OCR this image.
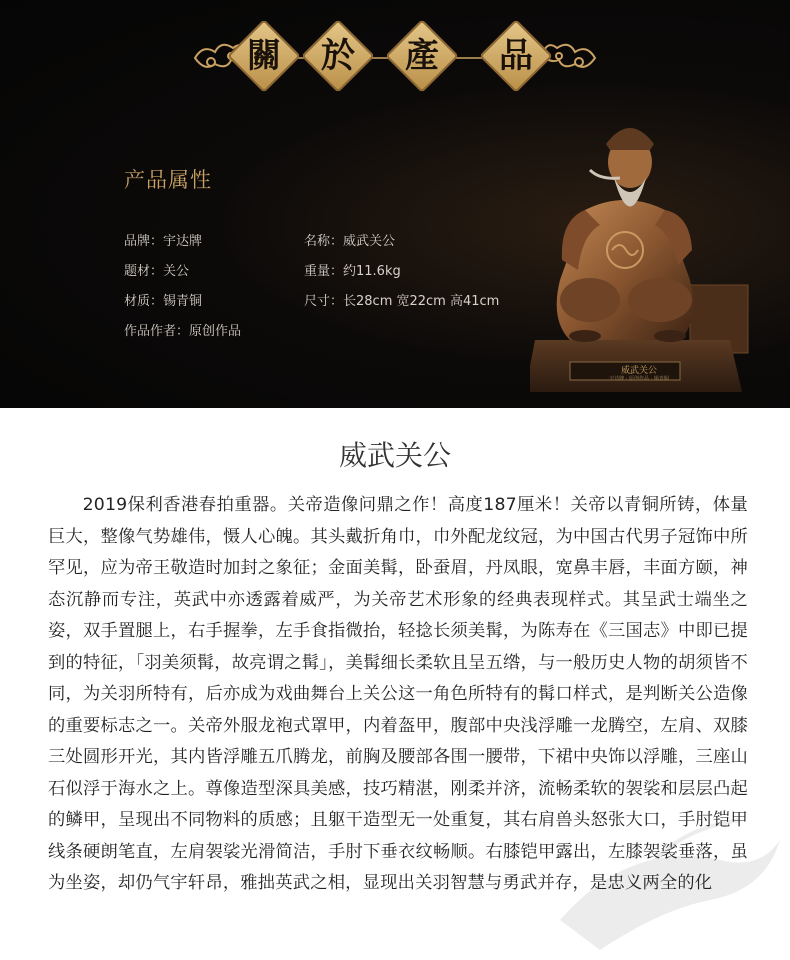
關	於	產	品
产品属性
品牌：宇达牌	名称：威武关公
题材：关公	重量：约11.6kg
材质：锡青铜	尺寸：长28cm 宽22cm 高41cm
作品作者：原创作品
威武关公
宇达牌 · 原创作品 · 锡青铜
威武关公
2019保利香港春拍重器。关帝造像问鼎之作！高度187厘米！关帝以青铜所铸，体量巨大，整像气势雄伟，慑人心魄。其头戴折角巾，巾外配龙纹冠，为中国古代男子冠饰中所罕见，应为帝王敬造时加封之象征；金面美髯，卧蚕眉，丹凤眼，宽鼻丰唇，丰面方颐，神态沉静而专注，英武中亦透露着威严，为关帝艺术形象的经典表现样式。其呈武士端坐之姿，双手置腿上，右手握拳，左手食指微抬，轻捻长须美髯，为陈寿在《三国志》中即已提到的特征，「羽美须髯，故亮谓之髯」，美髯细长柔软且呈五绺，与一般历史人物的胡须皆不同，为关羽所特有，后亦成为戏曲舞台上关公这一角色所特有的髯口样式，是判断关公造像的重要标志之一。关帝外服龙袍式罩甲，内着盔甲，腹部中央浅浮雕一龙腾空，左肩、双膝三处圆形开光，其内皆浮雕五爪腾龙，前胸及腰部各围一腰带，下裙中央饰以浮雕，三座山石似浮于海水之上。尊像造型深具美感，技巧精湛，刚柔并济，流畅柔软的袈裟和层层凸起的鳞甲，呈现出不同物料的质感；且躯干造型无一处重复，其右肩兽头怒张大口，手肘铠甲线条硬朗笔直，左肩袈裟光滑简洁，手肘下垂衣纹畅顺。右膝铠甲露出，左膝袈裟垂落，虽为坐姿，却仍气宇轩昂，雅拙英武之相，显现出关羽智慧与勇武并存，是忠义两全的化
